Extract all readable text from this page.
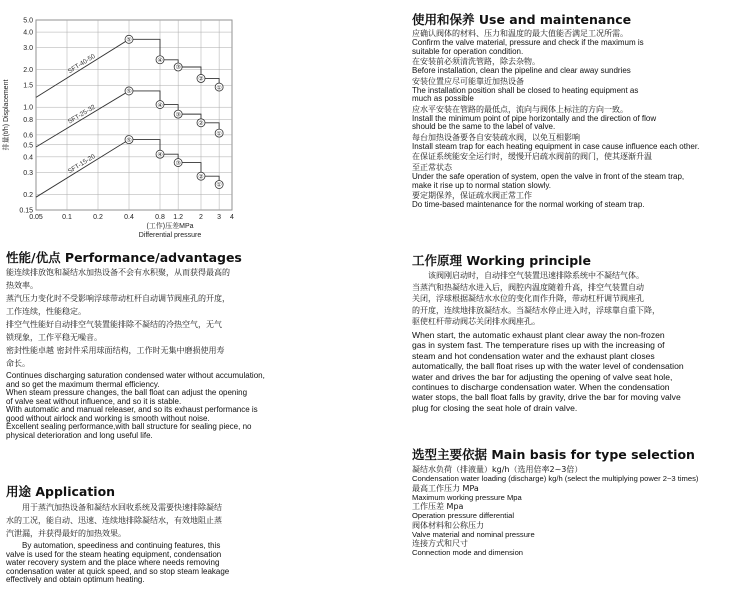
5.0
4.0
3.0
2.0
1.5
1.0
0.8
0.6
0.5
0.4
0.3
0.2
0.15
0.05	0.1	0.2	0.4	0.8 1.2 2 3 4
排量(t/h) Displacement
(工作)压差MPa
Differential pressure
SFT-40-50
SFT-25-32
SFT-15-20
⑤
④
③
②
①
⑤
④
③
②
①
⑤
④
③
②
①
性能/优点 Performance/advantages
能连续排放饱和凝结水加热设备不会有水积聚，从而获得最高的
热效率。
蒸汽压力变化时不受影响浮球带动杠杆自动调节阀座孔的开度，
工作连续，性能稳定。
排空气性能好自动排空气装置能排除不凝结的冷热空气，无气
锁现象，工作平稳无噪音。
密封性能卓越 密封件采用球面结构，工作时无集中磨损使用寿
命长。
Continues discharging saturation condensed water without accumulation,
and so get the maximum thermal efficiency.
When steam pressure changes, the ball float can adjust the opening
of valve seat without influence, and so it is stable.
With automatic and manual releaser, and so its exhaust performance is
good without airlock and working is smooth without noise.
Excellent sealing performance,with ball structure for sealing piece, no
physical deterioration and long useful life.
用途 Application
用于蒸汽加热设备和凝结水回收系统及需要快速排除凝结
水的工况，能自动、迅速、连续地排除凝结水，有效地阻止蒸
汽泄漏，并获得最好的加热效果。
By automation, speediness and continuing features, this
valve is used for the steam heating equipment, condensation
water recovery system and the place where needs removing
condensation water at quick speed, and so stop steam leakage
effectively and obtain optimum heating.
使用和保养 Use and maintenance
应确认阀体的材料、压力和温度的最大值能否满足工况所需。
Confirm the valve material, pressure and check if the maximum is
suitable for operation condition.
在安装前必须清洗管路，除去杂物。
Before installation, clean the pipeline and clear away sundries
安装位置应尽可能靠近加热设备
The installation position shall be closed to heating equipment as
much as possible
应水平安装在管路的最低点，流向与阀体上标注的方向一致。
Install the minimum point of pipe horizontally and the direction of flow
should be the same to the label of valve.
每台加热设备要各自安装疏水阀，以免互相影响
Install steam trap for each heating equipment in case cause influence each other.
在保证系统能安全运行时，缓慢开启疏水阀前的阀门，使其逐渐升温
至正常状态
Under the safe operation of system, open the valve in front of the steam trap,
make it rise up to normal station slowly.
要定期保养，保证疏水阀正常工作
Do time-based maintenance for the normal working of steam trap.
工作原理 Working principle
该阀刚启动时，自动排空气装置迅速排除系统中不凝结气体。
当蒸汽和热凝结水进入后，阀腔内温度随着升高，排空气装置自动
关闭，浮球根据凝结水水位的变化而作升降，带动杠杆调节阀座孔
的开度，连续地排放凝结水。当凝结水停止进入时，浮球靠自重下降，
驱使杠杆带动阀芯关闭排水阀座孔。
When start, the automatic exhaust plant clear away the non-frozen
gas in system fast. The temperature rises up with the increasing of
steam and hot condensation water and the exhaust plant closes
automatically, the ball float rises up with the water level of condensation
water and drives the bar for adjusting the opening of valve seat hole,
continues to discharge condensation water. When the condensation
water stops, the ball float falls by gravity, drive the bar for moving valve
plug for closing the seat hole of drain valve.
选型主要依据 Main basis for type selection
凝结水负荷（排液量）kg/h（选用倍率2~3倍）
Condensation water loading (discharge) kg/h (select the multiplying power 2~3 times)
最高工作压力 MPa
Maximum working pressure Mpa
工作压差 Mpa
Operation pressure differential
阀体材料和公称压力
Valve material and nominal pressure
连接方式和尺寸
Connection mode and dimension
